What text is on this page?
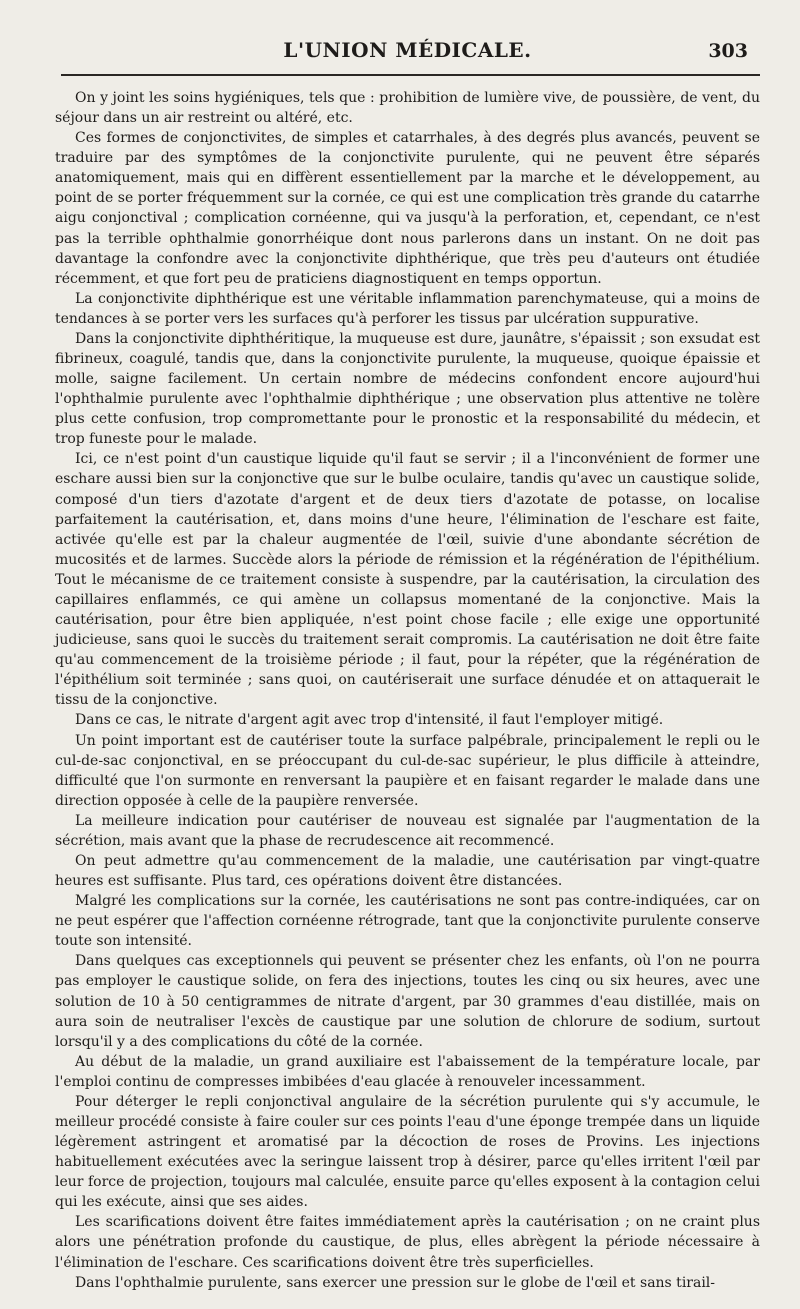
L'UNION MÉDICALE.	303

On y joint les soins hygiéniques, tels que : prohibition de lumière vive, de poussière, de vent, du séjour dans un air restreint ou altéré, etc.

Ces formes de conjonctivites, de simples et catarrhales, à des degrés plus avancés, peuvent se traduire par des symptômes de la conjonctivite purulente, qui ne peuvent être séparés anatomiquement, mais qui en diffèrent essentiellement par la marche et le développement, au point de se porter fréquemment sur la cornée, ce qui est une complication très grande du catarrhe aigu conjonctival ; complication cornéenne, qui va jusqu'à la perforation, et, cependant, ce n'est pas la terrible ophthalmie gonorrhéique dont nous parlerons dans un instant. On ne doit pas davantage la confondre avec la conjonctivite diphthérique, que très peu d'auteurs ont étudiée récemment, et que fort peu de praticiens diagnostiquent en temps opportun.

La conjonctivite diphthérique est une véritable inflammation parenchymateuse, qui a moins de tendances à se porter vers les surfaces qu'à perforer les tissus par ulcération suppurative.

Dans la conjonctivite diphthéritique, la muqueuse est dure, jaunâtre, s'épaissit ; son exsudat est fibrineux, coagulé, tandis que, dans la conjonctivite purulente, la muqueuse, quoique épaissie et molle, saigne facilement. Un certain nombre de médecins confondent encore aujourd'hui l'ophthalmie purulente avec l'ophthalmie diphthérique ; une observation plus attentive ne tolère plus cette confusion, trop compromettante pour le pronostic et la responsabilité du médecin, et trop funeste pour le malade.

Ici, ce n'est point d'un caustique liquide qu'il faut se servir ; il a l'inconvénient de former une eschare aussi bien sur la conjonctive que sur le bulbe oculaire, tandis qu'avec un caustique solide, composé d'un tiers d'azotate d'argent et de deux tiers d'azotate de potasse, on localise parfaitement la cautérisation, et, dans moins d'une heure, l'élimination de l'eschare est faite, activée qu'elle est par la chaleur augmentée de l'œil, suivie d'une abondante sécrétion de mucosités et de larmes. Succède alors la période de rémission et la régénération de l'épithélium. Tout le mécanisme de ce traitement consiste à suspendre, par la cautérisation, la circulation des capillaires enflammés, ce qui amène un collapsus momentané de la conjonctive. Mais la cautérisation, pour être bien appliquée, n'est point chose facile ; elle exige une opportunité judicieuse, sans quoi le succès du traitement serait compromis. La cautérisation ne doit être faite qu'au commencement de la troisième période ; il faut, pour la répéter, que la régénération de l'épithélium soit terminée ; sans quoi, on cautériserait une surface dénudée et on attaquerait le tissu de la conjonctive.

Dans ce cas, le nitrate d'argent agit avec trop d'intensité, il faut l'employer mitigé.

Un point important est de cautériser toute la surface palpébrale, principalement le repli ou le cul-de-sac conjonctival, en se préoccupant du cul-de-sac supérieur, le plus difficile à atteindre, difficulté que l'on surmonte en renversant la paupière et en faisant regarder le malade dans une direction opposée à celle de la paupière renversée.

La meilleure indication pour cautériser de nouveau est signalée par l'augmentation de la sécrétion, mais avant que la phase de recrudescence ait recommencé.

On peut admettre qu'au commencement de la maladie, une cautérisation par vingt-quatre heures est suffisante. Plus tard, ces opérations doivent être distancées.

Malgré les complications sur la cornée, les cautérisations ne sont pas contre-indiquées, car on ne peut espérer que l'affection cornéenne rétrograde, tant que la conjonctivite purulente conserve toute son intensité.

Dans quelques cas exceptionnels qui peuvent se présenter chez les enfants, où l'on ne pourra pas employer le caustique solide, on fera des injections, toutes les cinq ou six heures, avec une solution de 10 à 50 centigrammes de nitrate d'argent, par 30 grammes d'eau distillée, mais on aura soin de neutraliser l'excès de caustique par une solution de chlorure de sodium, surtout lorsqu'il y a des complications du côté de la cornée.

Au début de la maladie, un grand auxiliaire est l'abaissement de la température locale, par l'emploi continu de compresses imbibées d'eau glacée à renouveler incessamment.

Pour déterger le repli conjonctival angulaire de la sécrétion purulente qui s'y accumule, le meilleur procédé consiste à faire couler sur ces points l'eau d'une éponge trempée dans un liquide légèrement astringent et aromatisé par la décoction de roses de Provins. Les injections habituellement exécutées avec la seringue laissent trop à désirer, parce qu'elles irritent l'œil par leur force de projection, toujours mal calculée, ensuite parce qu'elles exposent à la contagion celui qui les exécute, ainsi que ses aides.

Les scarifications doivent être faites immédiatement après la cautérisation ; on ne craint plus alors une pénétration profonde du caustique, de plus, elles abrègent la période nécessaire à l'élimination de l'eschare. Ces scarifications doivent être très superficielles.

Dans l'ophthalmie purulente, sans exercer une pression sur le globe de l'œil et sans tirail-
